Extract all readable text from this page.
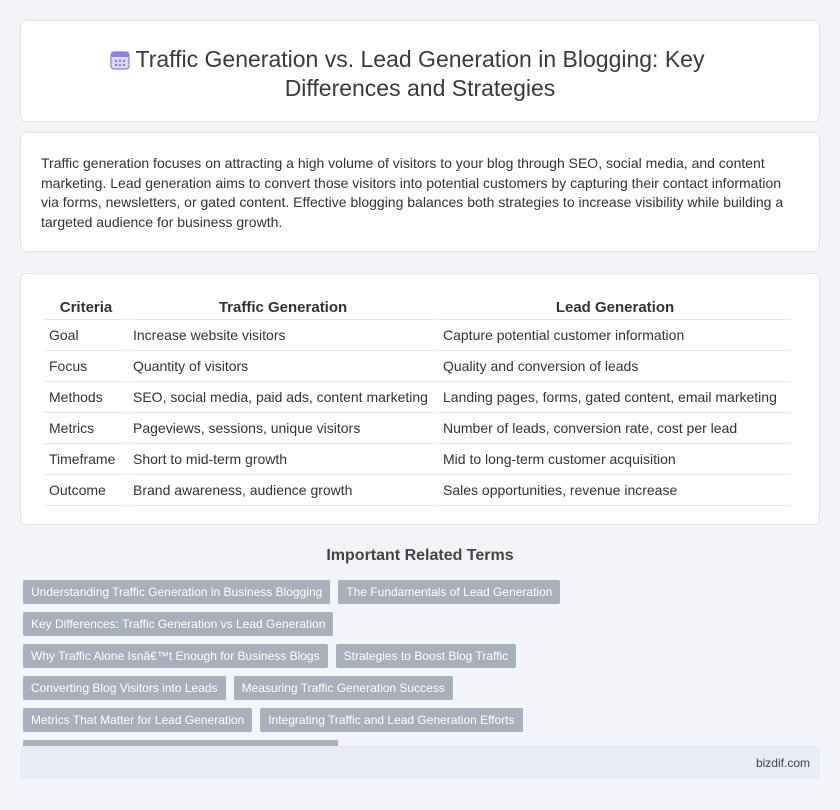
Traffic Generation vs. Lead Generation in Blogging: Key Differences and Strategies

Traffic generation focuses on attracting a high volume of visitors to your blog through SEO, social media, and content marketing. Lead generation aims to convert those visitors into potential customers by capturing their contact information via forms, newsletters, or gated content. Effective blogging balances both strategies to increase visibility while building a targeted audience for business growth.

Criteria	Traffic Generation	Lead Generation
Goal	Increase website visitors	Capture potential customer information
Focus	Quantity of visitors	Quality and conversion of leads
Methods	SEO, social media, paid ads, content marketing	Landing pages, forms, gated content, email marketing
Metrics	Pageviews, sessions, unique visitors	Number of leads, conversion rate, cost per lead
Timeframe	Short to mid-term growth	Mid to long-term customer acquisition
Outcome	Brand awareness, audience growth	Sales opportunities, revenue increase
Important Related Terms
Understanding Traffic Generation in Business Blogging	The Fundamentals of Lead Generation
Key Differences: Traffic Generation vs Lead Generation
Why Traffic Alone Isnâ€™t Enough for Business Blogs	Strategies to Boost Blog Traffic
Converting Blog Visitors into Leads	Measuring Traffic Generation Success
Metrics That Matter for Lead Generation	Integrating Traffic and Lead Generation Efforts
bizdif.com
